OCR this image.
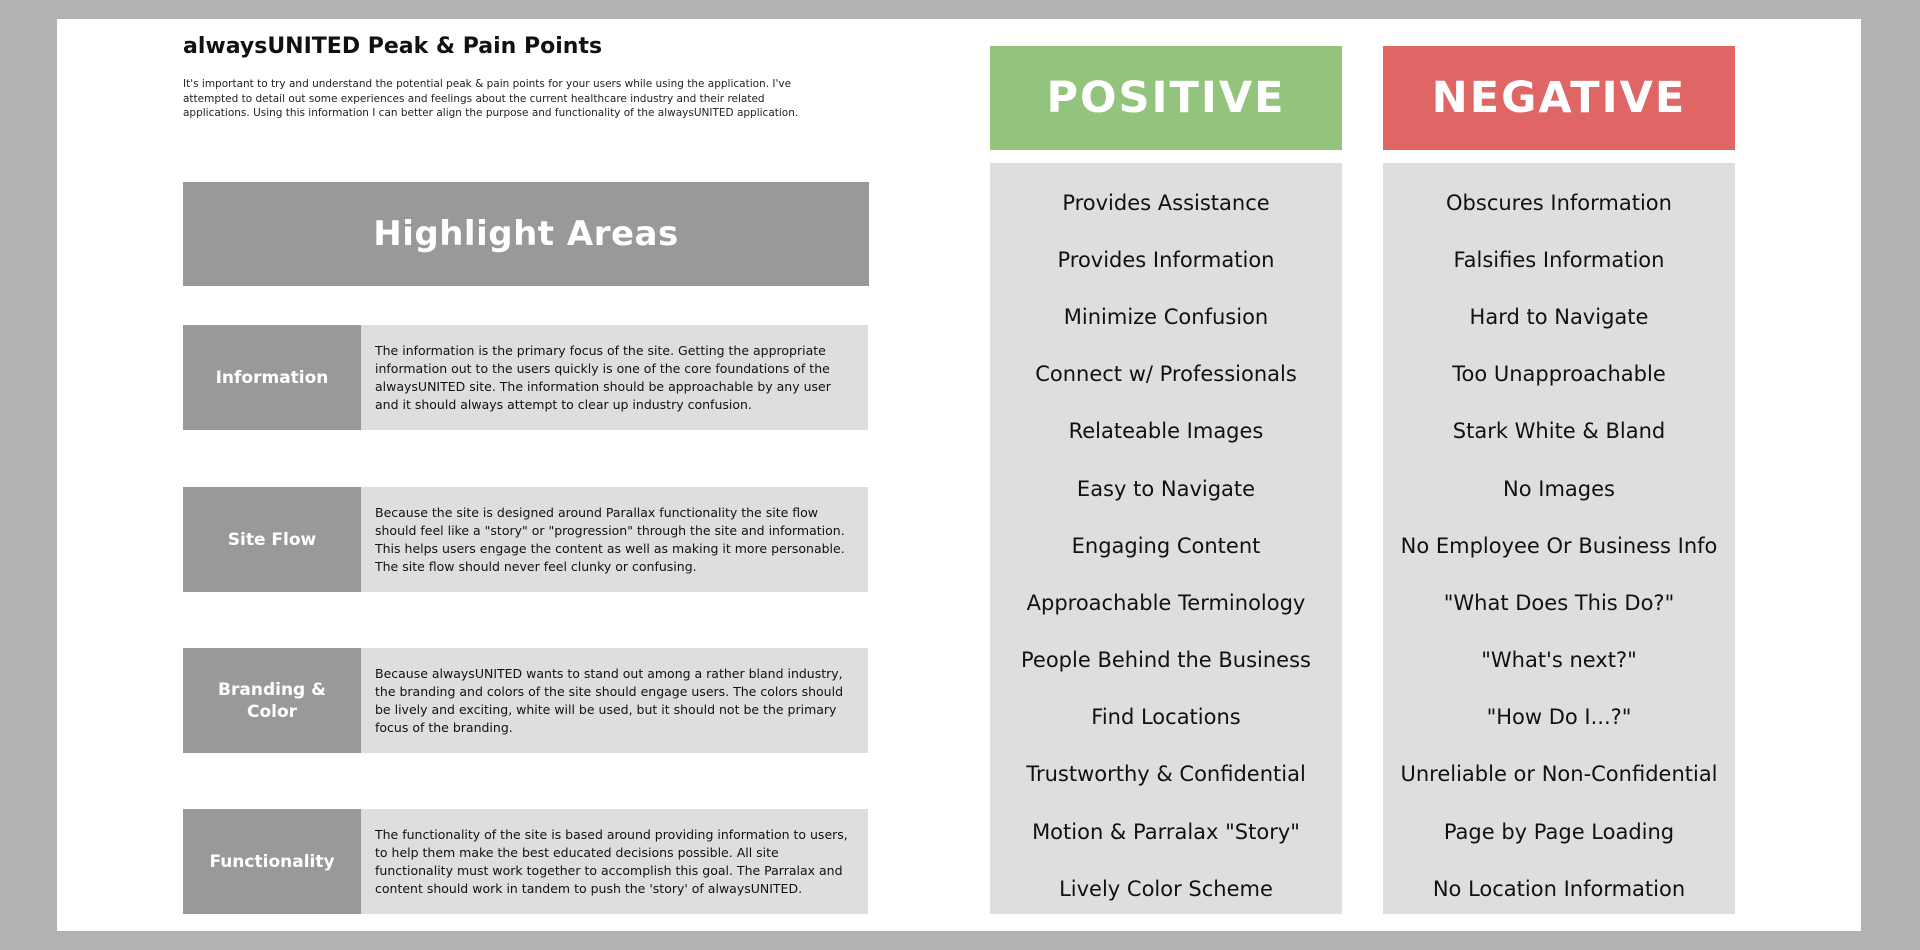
alwaysUNITED Peak & Pain Points
It's important to try and understand the potential peak & pain points for your users while using the application. I've attempted to detail out some experiences and feelings about the current healthcare industry and their related applications. Using this information I can better align the purpose and functionality of the alwaysUNITED application.
Highlight Areas
Information
The information is the primary focus of the site. Getting the appropriate information out to the users quickly is one of the core foundations of the alwaysUNITED site. The information should be approachable by any user and it should always attempt to clear up industry confusion.
Site Flow
Because the site is designed around Parallax functionality the site flow should feel like a "story" or "progression" through the site and information. This helps users engage the content as well as making it more personable. The site flow should never feel clunky or confusing.
Branding & Color
Because alwaysUNITED wants to stand out among a rather bland industry, the branding and colors of the site should engage users. The colors should be lively and exciting, white will be used, but it should not be the primary focus of the branding.
Functionality
The functionality of the site is based around providing information to users, to help them make the best educated decisions possible. All site functionality must work together to accomplish this goal. The Parralax and content should work in tandem to push the 'story' of alwaysUNITED.
POSITIVE
Provides Assistance
Provides Information
Minimize Confusion
Connect w/ Professionals
Relateable Images
Easy to Navigate
Engaging Content
Approachable Terminology
People Behind the Business
Find Locations
Trustworthy & Confidential
Motion & Parralax "Story"
Lively Color Scheme
NEGATIVE
Obscures Information
Falsifies Information
Hard to Navigate
Too Unapproachable
Stark White & Bland
No Images
No Employee Or Business Info
"What Does This Do?"
"What's next?"
"How Do I...?"
Unreliable or Non-Confidential
Page by Page Loading
No Location Information
